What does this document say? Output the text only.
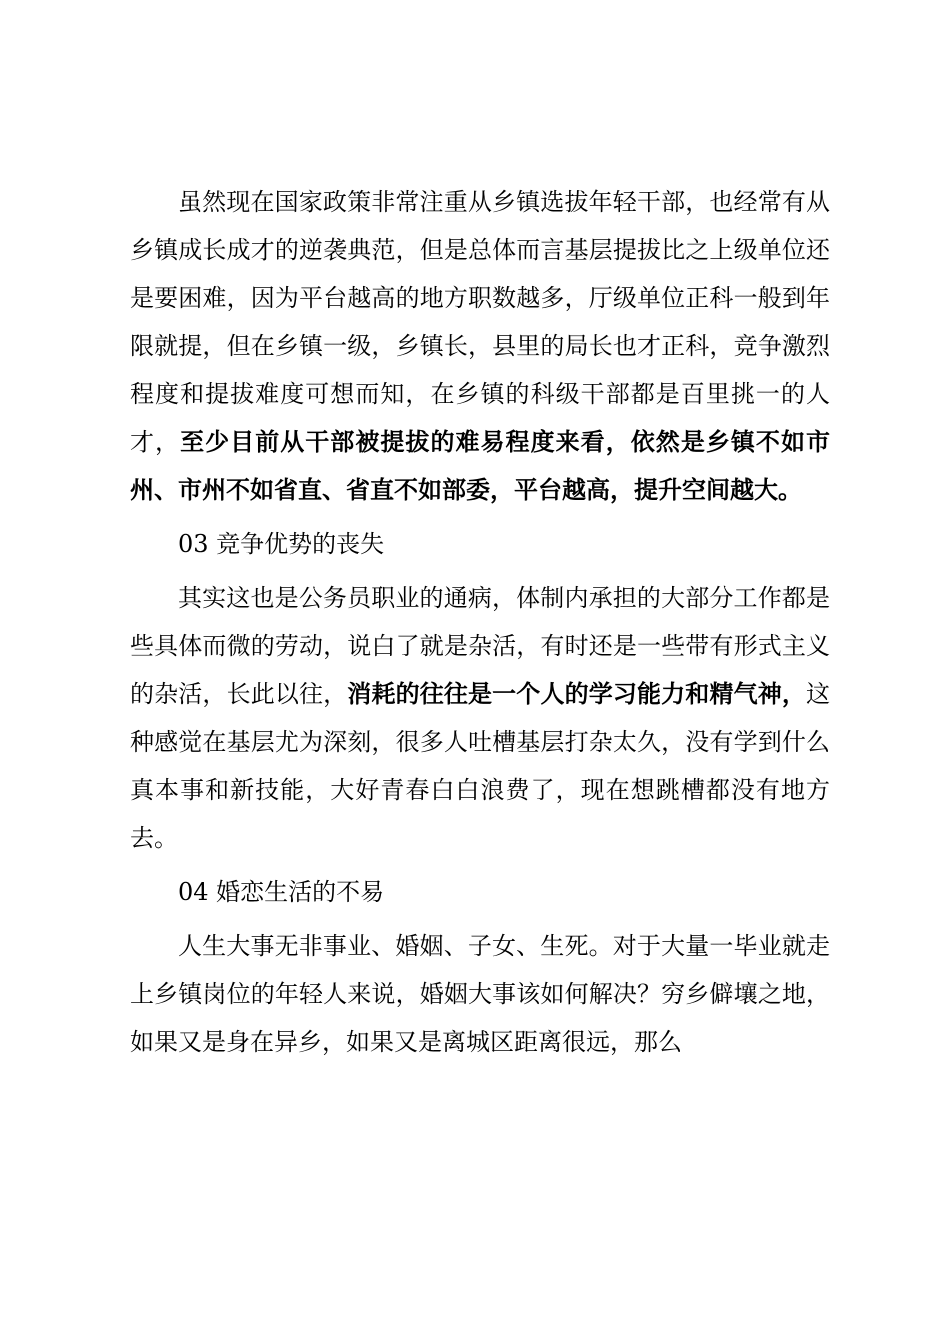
虽然现在国家政策非常注重从乡镇选拔年轻干部，也经常有从乡镇成长成才的逆袭典范，但是总体而言基层提拔比之上级单位还是要困难，因为平台越高的地方职数越多，厅级单位正科一般到年限就提，但在乡镇一级，乡镇长，县里的局长也才正科，竞争激烈程度和提拔难度可想而知，在乡镇的科级干部都是百里挑一的人才，至少目前从干部被提拔的难易程度来看，依然是乡镇不如市州、市州不如省直、省直不如部委，平台越高，提升空间越大。

03 竞争优势的丧失

其实这也是公务员职业的通病，体制内承担的大部分工作都是些具体而微的劳动，说白了就是杂活，有时还是一些带有形式主义的杂活，长此以往，消耗的往往是一个人的学习能力和精气神，这种感觉在基层尤为深刻，很多人吐槽基层打杂太久，没有学到什么真本事和新技能，大好青春白白浪费了，现在想跳槽都没有地方去。

04 婚恋生活的不易

人生大事无非事业、婚姻、子女、生死。对于大量一毕业就走上乡镇岗位的年轻人来说，婚姻大事该如何解决？穷乡僻壤之地，如果又是身在异乡，如果又是离城区距离很远，那么
